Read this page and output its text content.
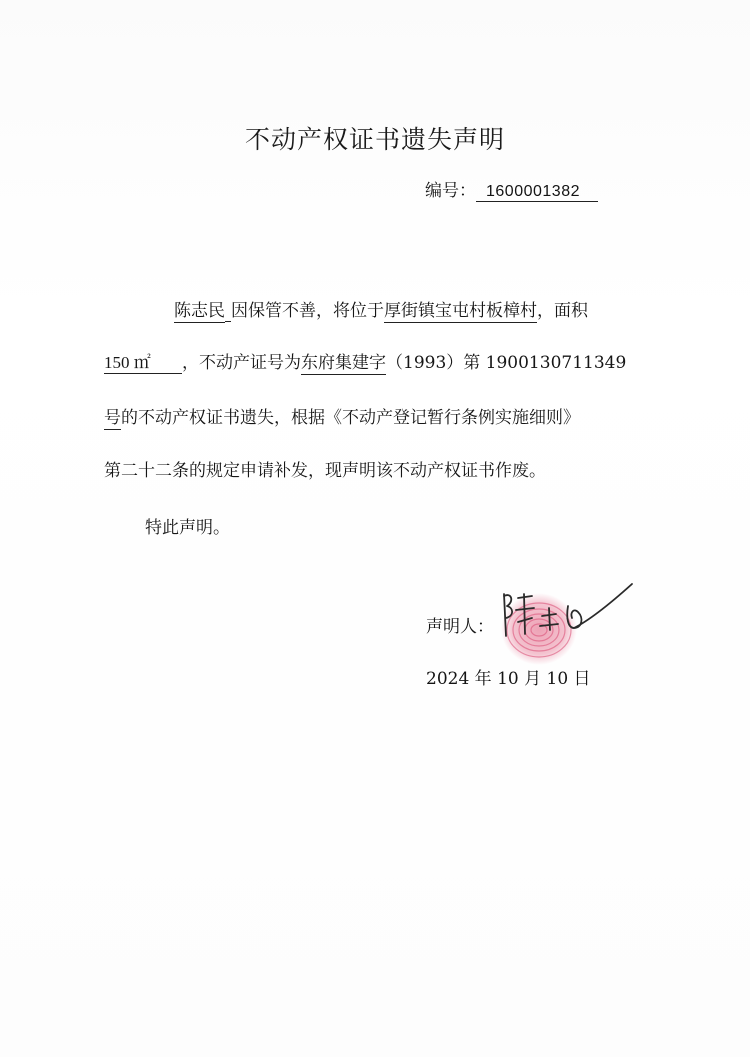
不动产权证书遗失声明
编号： 1600001382
陈志民 因保管不善，将位于厚街镇宝屯村板樟村，面积
150 ㎡ ，不动产证号为东府集建字（1993）第 1900130711349
号的不动产权证书遗失，根据《不动产登记暂行条例实施细则》
第二十二条的规定申请补发，现声明该不动产权证书作废。
特此声明。
声明人：
2024 年 10 月 10 日
